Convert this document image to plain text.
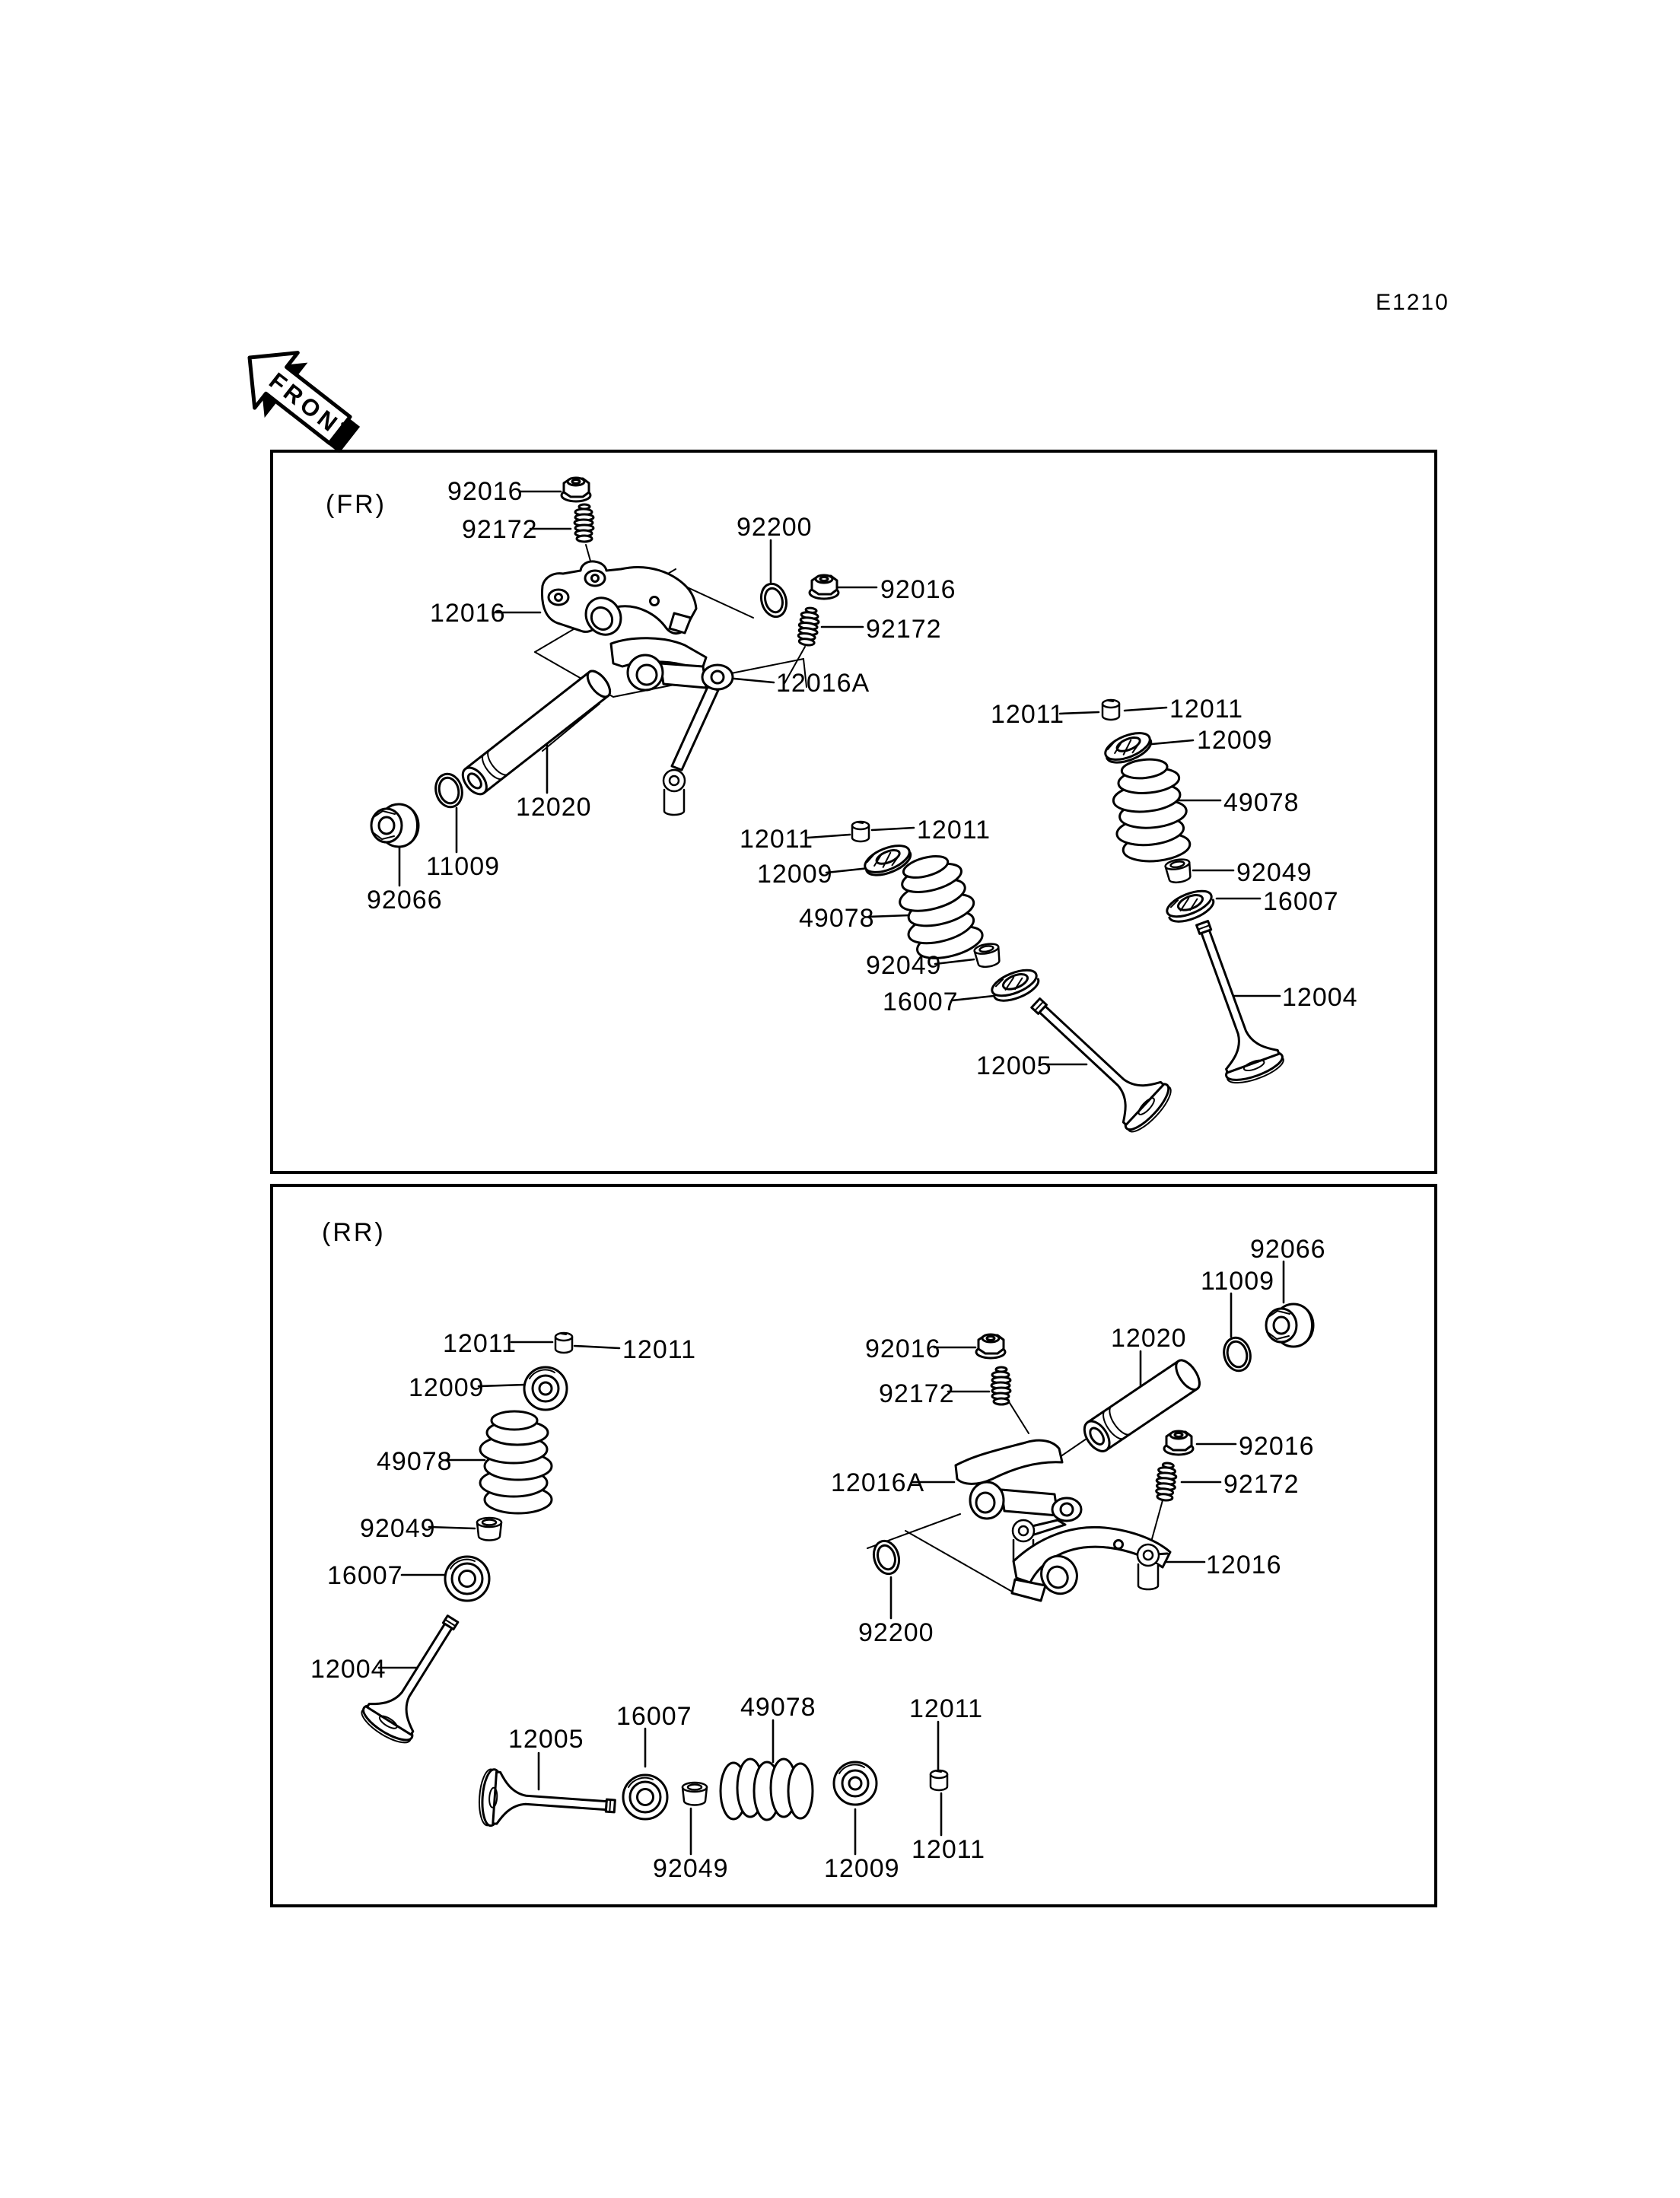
E1210
FRONT
(FR) 92016
92172	92200
12016
12016A
12020
11009
92066
92016
92172
12011	12011
12009
49078
92049
16007
12005
12011	12011
12009
49078
92049
16007
12004
(RR)
12011	12011
12009
49078
92049
16007
12004
12005
16007 49078	12011
92049	12009
12011
92016
92172
12020
11009
92066
92016
92172
12016A
12016
92200
